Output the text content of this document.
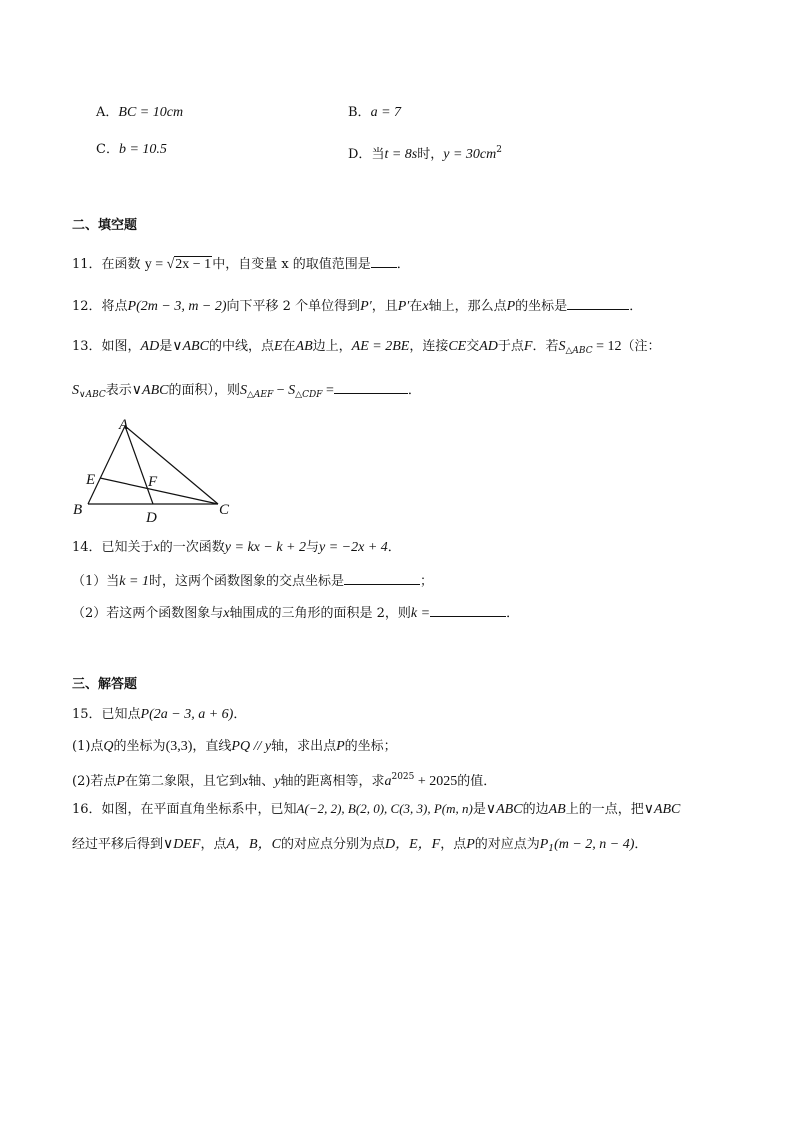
A．BC = 10cm	B．a = 7
C．b = 10.5	D．当t = 8s时，$y = 30cm^2$
二、填空题
11．在函数 y = √2x − 1中，自变量 x 的取值范围是 ．
12．将点P(2m − 3, m − 2)向下平移 2 个单位得到P′，且P′在x轴上，那么点P的坐标是	．
13．如图，AD是∨ABC的中线，点E在AB边上，AE = 2BE，连接CE交AD于点F．若$S_{\triangle ABC} = 12$（注：
$S_{\vee ABC}$表示∨ABC的面积），则$S_{\triangle AEF} - S_{\triangle CDF}$ =	．
A
B	C
D
E	F
14．已知关于x的一次函数y = kx − k + 2与y = −2x + 4．
（1）当k = 1时，这两个函数图象的交点坐标是	；
（2）若这两个函数图象与x轴围成的三角形的面积是 2，则k =	．
三、解答题
15．已知点P(2a − 3, a + 6)．
(1)点Q的坐标为(3,3)，直线PQ // y轴，求出点P的坐标；
(2)若点P在第二象限，且它到x轴、y轴的距离相等，求$a^{2025} + 2025$的值．
16．如图，在平面直角坐标系中，已知A(−2, 2), B(2, 0), C(3, 3), P(m, n)是∨ABC的边AB上的一点，把∨ABC
经过平移后得到∨DEF，点A，B，C的对应点分别为点D，E，F，点P的对应点为$P_1(m - 2$, n − 4)．
